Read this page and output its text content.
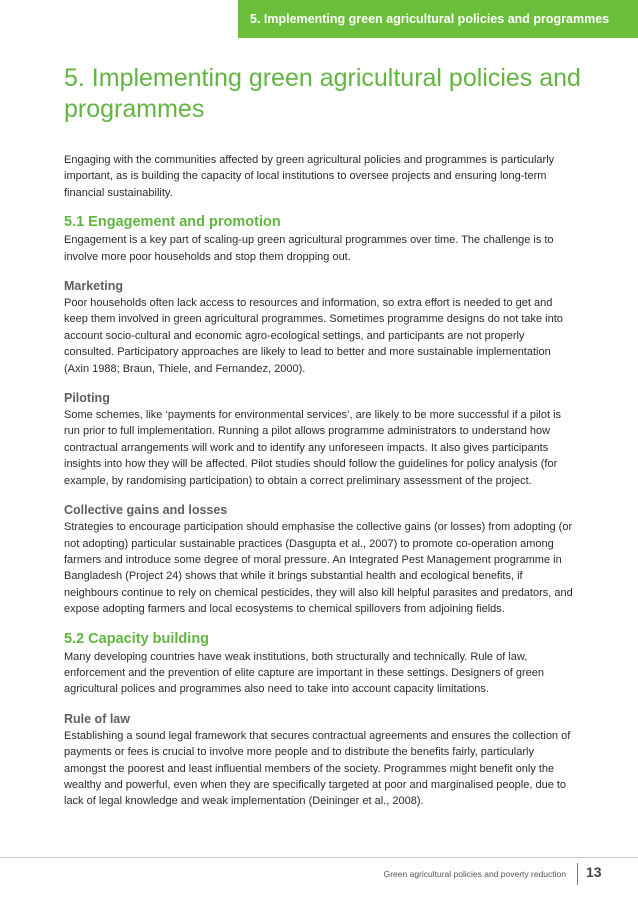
5. Implementing green agricultural policies and programmes
5. Implementing green agricultural policies and programmes

Engaging with the communities affected by green agricultural policies and programmes is particularly important, as is building the capacity of local institutions to oversee projects and ensuring long-term financial sustainability.

5.1 Engagement and promotion

Engagement is a key part of scaling-up green agricultural programmes over time. The challenge is to involve more poor households and stop them dropping out.

Marketing

Poor households often lack access to resources and information, so extra effort is needed to get and keep them involved in green agricultural programmes. Sometimes programme designs do not take into account socio-cultural and economic agro-ecological settings, and participants are not properly consulted. Participatory approaches are likely to lead to better and more sustainable implementation (Axin 1988; Braun, Thiele, and Fernandez, 2000).

Piloting

Some schemes, like ‘payments for environmental services’, are likely to be more successful if a pilot is run prior to full implementation. Running a pilot allows programme administrators to understand how contractual arrangements will work and to identify any unforeseen impacts. It also gives participants insights into how they will be affected. Pilot studies should follow the guidelines for policy analysis (for example, by randomising participation) to obtain a correct preliminary assessment of the project.

Collective gains and losses

Strategies to encourage participation should emphasise the collective gains (or losses) from adopting (or not adopting) particular sustainable practices (Dasgupta et al., 2007) to promote co-operation among farmers and introduce some degree of moral pressure. An Integrated Pest Management programme in Bangladesh (Project 24) shows that while it brings substantial health and ecological benefits, if neighbours continue to rely on chemical pesticides, they will also kill helpful parasites and predators, and expose adopting farmers and local ecosystems to chemical spillovers from adjoining fields.

5.2 Capacity building

Many developing countries have weak institutions, both structurally and technically. Rule of law, enforcement and the prevention of elite capture are important in these settings. Designers of green agricultural polices and programmes also need to take into account capacity limitations.

Rule of law

Establishing a sound legal framework that secures contractual agreements and ensures the collection of payments or fees is crucial to involve more people and to distribute the benefits fairly, particularly amongst the poorest and least influential members of the society. Programmes might benefit only the wealthy and powerful, even when they are specifically targeted at poor and marginalised people, due to lack of legal knowledge and weak implementation (Deininger et al., 2008).

Green agricultural policies and poverty reduction 13
